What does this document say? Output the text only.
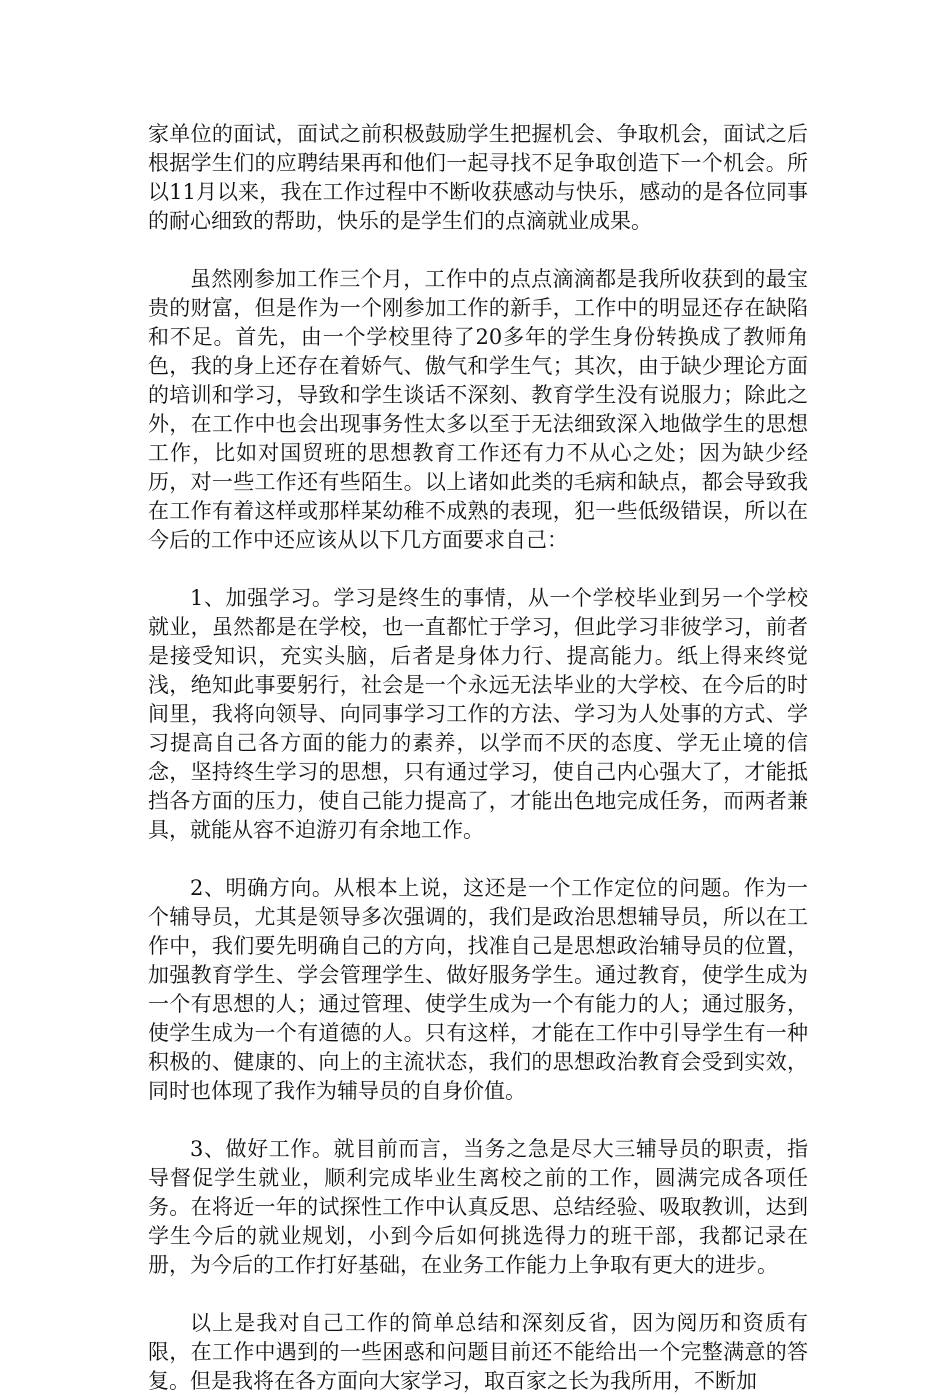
家单位的面试，面试之前积极鼓励学生把握机会、争取机会，面试之后根据学生们的应聘结果再和他们一起寻找不足争取创造下一个机会。所以11月以来，我在工作过程中不断收获感动与快乐，感动的是各位同事的耐心细致的帮助，快乐的是学生们的点滴就业成果。

虽然刚参加工作三个月，工作中的点点滴滴都是我所收获到的最宝贵的财富，但是作为一个刚参加工作的新手，工作中的明显还存在缺陷和不足。首先，由一个学校里待了20多年的学生身份转换成了教师角色，我的身上还存在着娇气、傲气和学生气；其次，由于缺少理论方面的培训和学习，导致和学生谈话不深刻、教育学生没有说服力；除此之外，在工作中也会出现事务性太多以至于无法细致深入地做学生的思想工作，比如对国贸班的思想教育工作还有力不从心之处；因为缺少经历，对一些工作还有些陌生。以上诸如此类的毛病和缺点，都会导致我在工作有着这样或那样某幼稚不成熟的表现，犯一些低级错误，所以在今后的工作中还应该从以下几方面要求自己：

1、加强学习。学习是终生的事情，从一个学校毕业到另一个学校就业，虽然都是在学校，也一直都忙于学习，但此学习非彼学习，前者是接受知识，充实头脑，后者是身体力行、提高能力。纸上得来终觉浅，绝知此事要躬行，社会是一个永远无法毕业的大学校、在今后的时间里，我将向领导、向同事学习工作的方法、学习为人处事的方式、学习提高自己各方面的能力的素养，以学而不厌的态度、学无止境的信念，坚持终生学习的思想，只有通过学习，使自己内心强大了，才能抵挡各方面的压力，使自己能力提高了，才能出色地完成任务，而两者兼具，就能从容不迫游刃有余地工作。

2、明确方向。从根本上说，这还是一个工作定位的问题。作为一个辅导员，尤其是领导多次强调的，我们是政治思想辅导员，所以在工作中，我们要先明确自己的方向，找准自己是思想政治辅导员的位置，加强教育学生、学会管理学生、做好服务学生。通过教育，使学生成为一个有思想的人；通过管理、使学生成为一个有能力的人；通过服务，使学生成为一个有道德的人。只有这样，才能在工作中引导学生有一种积极的、健康的、向上的主流状态，我们的思想政治教育会受到实效，同时也体现了我作为辅导员的自身价值。

3、做好工作。就目前而言，当务之急是尽大三辅导员的职责，指导督促学生就业，顺利完成毕业生离校之前的工作，圆满完成各项任务。在将近一年的试探性工作中认真反思、总结经验、吸取教训，达到学生今后的就业规划，小到今后如何挑选得力的班干部，我都记录在册，为今后的工作打好基础，在业务工作能力上争取有更大的进步。

以上是我对自己工作的简单总结和深刻反省，因为阅历和资质有限，在工作中遇到的一些困惑和问题目前还不能给出一个完整满意的答复。但是我将在各方面向大家学习，取百家之长为我所用，不断加
